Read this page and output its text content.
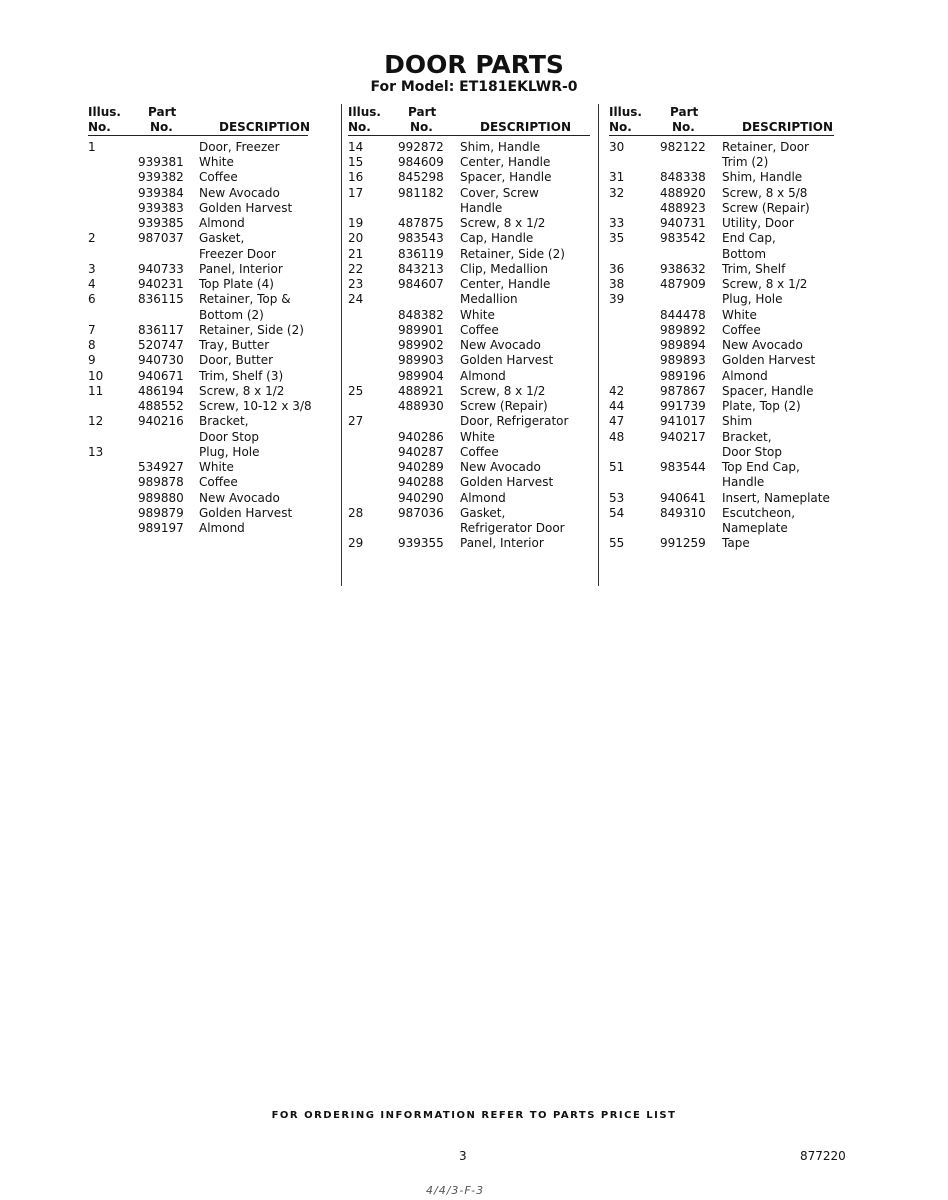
DOOR PARTS
For Model: ET181EKLWR-0
Illus.
No.
Part
No.	DESCRIPTION
1	Door, Freezer
939381 White
939382 Coffee
939384 New Avocado
939383 Golden Harvest
939385 Almond
2	987037 Gasket,
Freezer Door
3	940733 Panel, Interior
4	940231 Top Plate (4)
6	836115 Retainer, Top &
Bottom (2)
7	836117 Retainer, Side (2)
8	520747 Tray, Butter
9	940730 Door, Butter
10	940671 Trim, Shelf (3)
11	486194 Screw, 8 x 1/2
488552 Screw, 10-12 x 3/8
12	940216 Bracket,
Door Stop
13	Plug, Hole
534927 White
989878 Coffee
989880 New Avocado
989879 Golden Harvest
989197 Almond
Illus.
No.
Part
No.	DESCRIPTION
14	992872 Shim, Handle
15	984609 Center, Handle
16	845298 Spacer, Handle
17	981182 Cover, Screw
Handle
19	487875 Screw, 8 x 1/2
20	983543 Cap, Handle
21	836119 Retainer, Side (2)
22	843213 Clip, Medallion
23	984607 Center, Handle
24	Medallion
848382 White
989901 Coffee
989902 New Avocado
989903 Golden Harvest
989904 Almond
25	488921 Screw, 8 x 1/2
488930 Screw (Repair)
27	Door, Refrigerator
940286 White
940287 Coffee
940289 New Avocado
940288 Golden Harvest
940290 Almond
28	987036 Gasket,
Refrigerator Door
29	939355 Panel, Interior
Illus.
No.
Part
No.	DESCRIPTION
30	982122 Retainer, Door
Trim (2)
31	848338 Shim, Handle
32	488920 Screw, 8 x 5/8
488923 Screw (Repair)
33	940731 Utility, Door
35	983542 End Cap,
Bottom
36	938632 Trim, Shelf
38	487909 Screw, 8 x 1/2
39	Plug, Hole
844478 White
989892 Coffee
989894 New Avocado
989893 Golden Harvest
989196 Almond
42	987867 Spacer, Handle
44	991739 Plate, Top (2)
47	941017 Shim
48	940217 Bracket,
Door Stop
51	983544 Top End Cap,
Handle
53	940641 Insert, Nameplate
54	849310 Escutcheon,
Nameplate
55	991259 Tape
FOR ORDERING INFORMATION REFER TO PARTS PRICE LIST
3	877220
4/4/3-F-3
